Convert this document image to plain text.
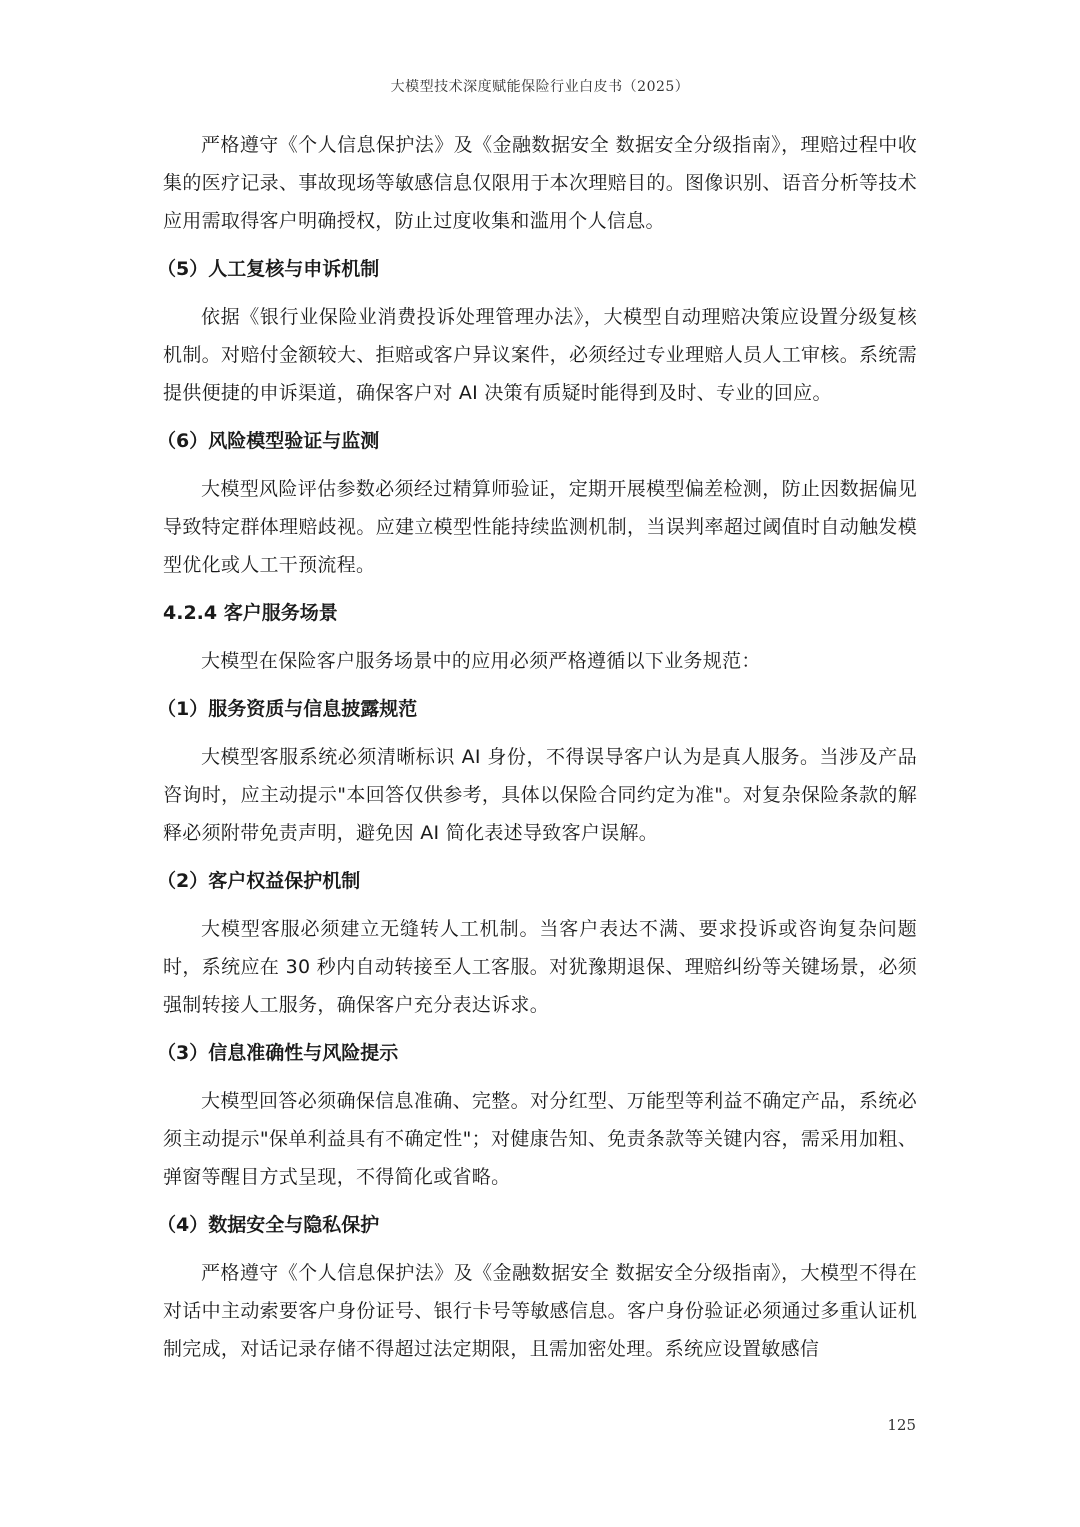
大模型技术深度赋能保险行业白皮书（2025）

严格遵守《个人信息保护法》及《金融数据安全 数据安全分级指南》，理赔过程中收集的医疗记录、事故现场等敏感信息仅限用于本次理赔目的。图像识别、语音分析等技术应用需取得客户明确授权，防止过度收集和滥用个人信息。

（5）人工复核与申诉机制

依据《银行业保险业消费投诉处理管理办法》，大模型自动理赔决策应设置分级复核机制。对赔付金额较大、拒赔或客户异议案件，必须经过专业理赔人员人工审核。系统需提供便捷的申诉渠道，确保客户对 AI 决策有质疑时能得到及时、专业的回应。

（6）风险模型验证与监测

大模型风险评估参数必须经过精算师验证，定期开展模型偏差检测，防止因数据偏见导致特定群体理赔歧视。应建立模型性能持续监测机制，当误判率超过阈值时自动触发模型优化或人工干预流程。

4.2.4 客户服务场景

大模型在保险客户服务场景中的应用必须严格遵循以下业务规范：

（1）服务资质与信息披露规范

大模型客服系统必须清晰标识 AI 身份，不得误导客户认为是真人服务。当涉及产品咨询时，应主动提示"本回答仅供参考，具体以保险合同约定为准"。对复杂保险条款的解释必须附带免责声明，避免因 AI 简化表述导致客户误解。

（2）客户权益保护机制

大模型客服必须建立无缝转人工机制。当客户表达不满、要求投诉或咨询复杂问题时，系统应在 30 秒内自动转接至人工客服。对犹豫期退保、理赔纠纷等关键场景，必须强制转接人工服务，确保客户充分表达诉求。

（3）信息准确性与风险提示

大模型回答必须确保信息准确、完整。对分红型、万能型等利益不确定产品，系统必须主动提示"保单利益具有不确定性"；对健康告知、免责条款等关键内容，需采用加粗、弹窗等醒目方式呈现，不得简化或省略。

（4）数据安全与隐私保护

严格遵守《个人信息保护法》及《金融数据安全 数据安全分级指南》，大模型不得在对话中主动索要客户身份证号、银行卡号等敏感信息。客户身份验证必须通过多重认证机制完成，对话记录存储不得超过法定期限，且需加密处理。系统应设置敏感信

125
